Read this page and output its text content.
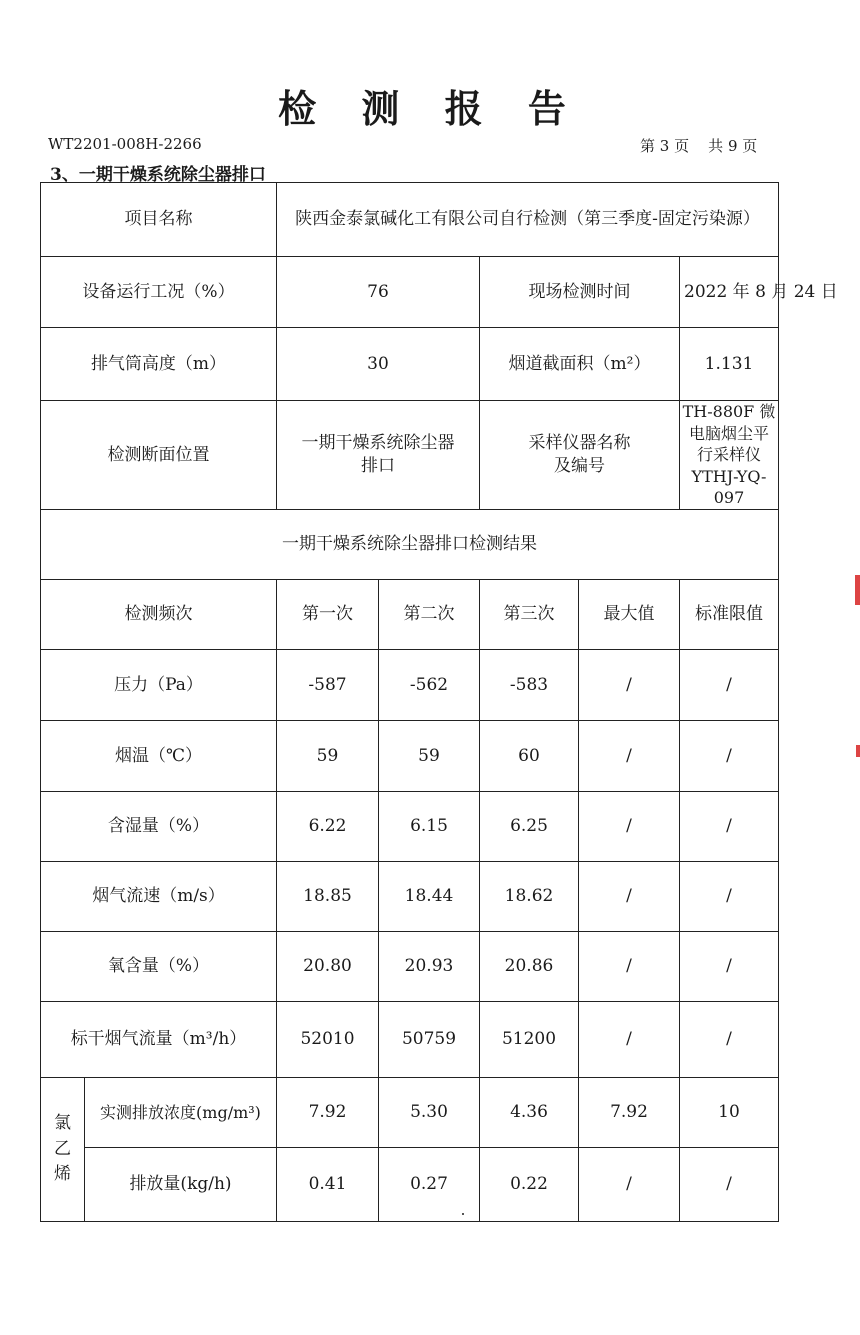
检 测 报 告
WT2201-008H-2266	第 3 页 共 9 页
3、一期干燥系统除尘器排口
项目名称		陕西金泰氯碱化工有限公司自行检测（第三季度-固定污染源）				
设备运行工况（%）		76		现场检测时间		2022 年 8 月 24 日
排气筒高度（m）		30		烟道截面积（m²）		1.131
检测断面位置		一期干燥系统除尘器排口		采样仪器名称及编号		TH-880F 微电脑烟尘平行采样仪 YTHJ-YQ-097
一期干燥系统除尘器排口检测结果						
检测频次		第一次	第二次	第三次	最大值	标准限值
压力（Pa）		-587	-562	-583	/	/
烟温（℃）		59	59	60	/	/
含湿量（%）		6.22	6.15	6.25	/	/
烟气流速（m/s）		18.85	18.44	18.62	/	/
氧含量（%）		20.80	20.93	20.86	/	/
标干烟气流量（m³/h）		52010	50759	51200	/	/
氯乙烯	实测排放浓度(mg/m³)	7.92	5.30	4.36	7.92	10
	排放量(kg/h)	0.41	0.27	0.22	/	/
